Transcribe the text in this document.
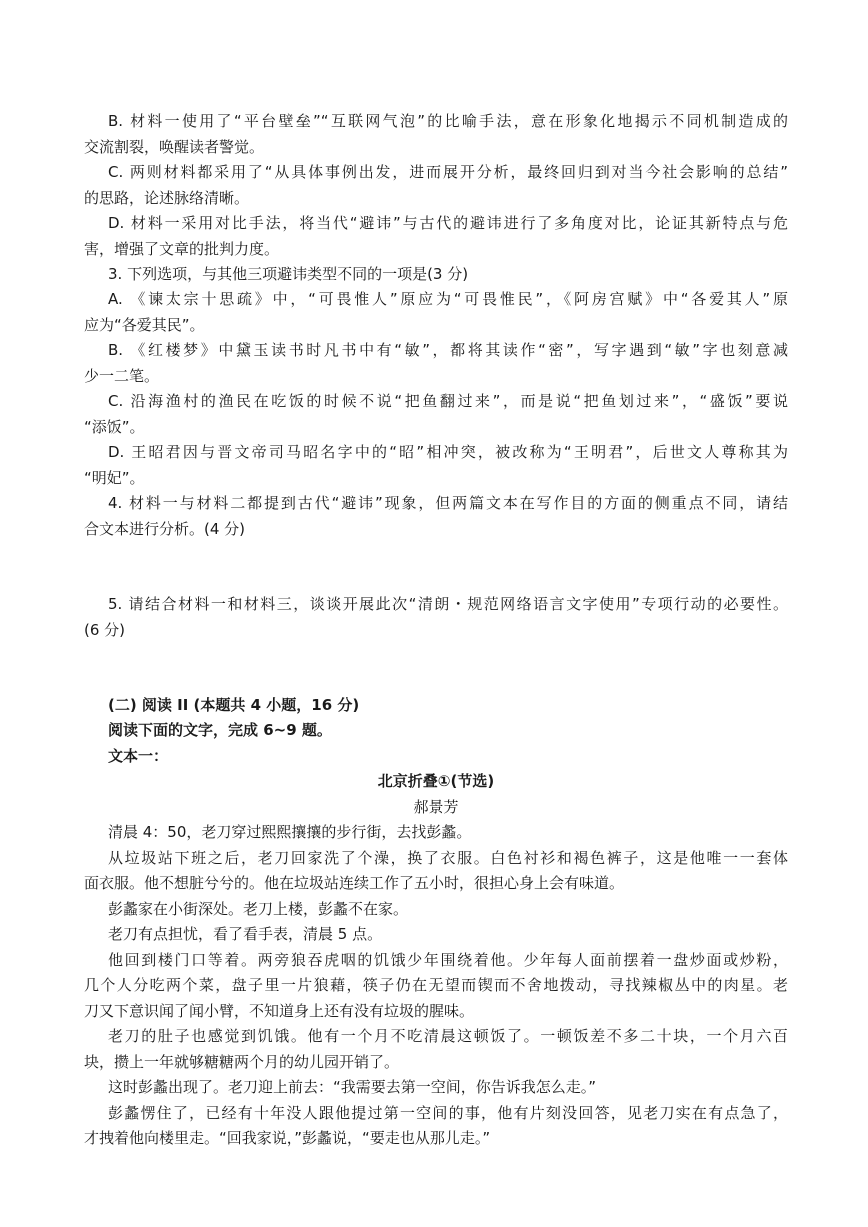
B. 材料一使用了“平台壁垒”“互联网气泡”的比喻手法，意在形象化地揭示不同机制造成的
交流割裂，唤醒读者警觉。
C. 两则材料都采用了“从具体事例出发，进而展开分析，最终回归到对当今社会影响的总结”
的思路，论述脉络清晰。
D. 材料一采用对比手法，将当代“避讳”与古代的避讳进行了多角度对比，论证其新特点与危
害，增强了文章的批判力度。
3. 下列选项，与其他三项避讳类型不同的一项是(3 分)
A. 《谏太宗十思疏》中，“可畏惟人”原应为“可畏惟民”，《阿房宫赋》中“各爱其人”原
应为“各爱其民”。
B. 《红楼梦》中黛玉读书时凡书中有“敏”，都将其读作“密”，写字遇到“敏”字也刻意减
少一二笔。
C. 沿海渔村的渔民在吃饭的时候不说“把鱼翻过来”，而是说“把鱼划过来”，“盛饭”要说
“添饭”。
D. 王昭君因与晋文帝司马昭名字中的“昭”相冲突，被改称为“王明君”，后世文人尊称其为
“明妃”。
4. 材料一与材料二都提到古代“避讳”现象，但两篇文本在写作目的方面的侧重点不同，请结
合文本进行分析。(4 分)
5. 请结合材料一和材料三，谈谈开展此次“清朗・规范网络语言文字使用”专项行动的必要性。
(6 分)
(二) 阅读 II (本题共 4 小题，16 分)
阅读下面的文字，完成 6~9 题。
文本一：
北京折叠①(节选)
郝景芳
清晨 4：50，老刀穿过熙熙攘攘的步行街，去找彭蠡。
从垃圾站下班之后，老刀回家洗了个澡，换了衣服。白色衬衫和褐色裤子，这是他唯一一套体
面衣服。他不想脏兮兮的。他在垃圾站连续工作了五小时，很担心身上会有味道。
彭蠡家在小街深处。老刀上楼，彭蠡不在家。
老刀有点担忧，看了看手表，清晨 5 点。
他回到楼门口等着。两旁狼吞虎咽的饥饿少年围绕着他。少年每人面前摆着一盘炒面或炒粉，
几个人分吃两个菜，盘子里一片狼藉，筷子仍在无望而锲而不舍地拨动，寻找辣椒丛中的肉星。老
刀又下意识闻了闻小臂，不知道身上还有没有垃圾的腥味。
老刀的肚子也感觉到饥饿。他有一个月不吃清晨这顿饭了。一顿饭差不多二十块，一个月六百
块，攒上一年就够糖糖两个月的幼儿园开销了。
这时彭蠡出现了。老刀迎上前去：“我需要去第一空间，你告诉我怎么走。”
彭蠡愣住了，已经有十年没人跟他提过第一空间的事，他有片刻没回答，见老刀实在有点急了，
才拽着他向楼里走。“回我家说，”彭蠡说，“要走也从那儿走。”
